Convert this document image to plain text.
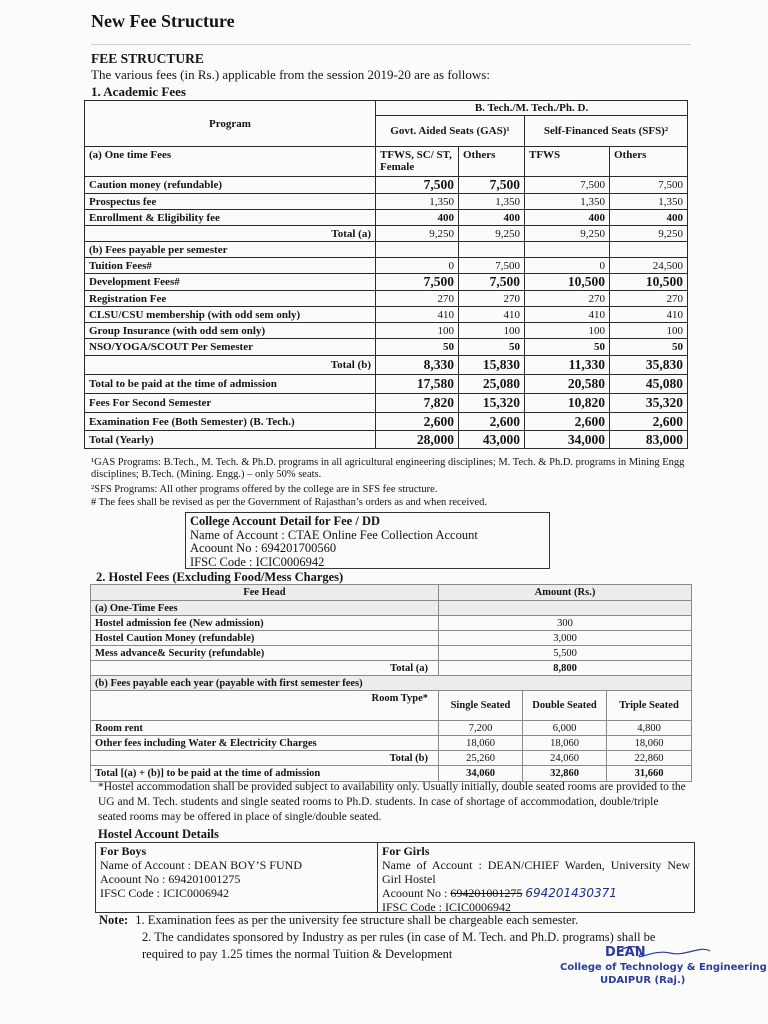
New Fee Structure
FEE STRUCTURE
The various fees (in Rs.) applicable from the session 2019-20 are as follows:
1. Academic Fees
Program	B. Tech./M. Tech./Ph. D.			
	Govt. Aided Seats (GAS)¹		Self-Financed Seats (SFS)²	
(a) One time Fees	TFWS, SC/ ST, Female	Others	TFWS	Others
Caution money (refundable)	7,500	7,500	7,500	7,500
Prospectus fee	1,350	1,350	1,350	1,350
Enrollment & Eligibility fee	400	400	400	400
Total (a)	9,250	9,250	9,250	9,250
(b) Fees payable per semester				
Tuition Fees#	0	7,500	0	24,500
Development Fees#	7,500	7,500	10,500	10,500
Registration Fee	270	270	270	270
CLSU/CSU membership (with odd sem only)	410	410	410	410
Group Insurance (with odd sem only)	100	100	100	100
NSO/YOGA/SCOUT Per Semester	50	50	50	50
Total (b)	8,330	15,830	11,330	35,830
Total to be paid at the time of admission	17,580	25,080	20,580	45,080
Fees For Second Semester	7,820	15,320	10,820	35,320
Examination Fee (Both Semester) (B. Tech.)	2,600	2,600	2,600	2,600
Total (Yearly)	28,000	43,000	34,000	83,000
¹GAS Programs: B.Tech., M. Tech. & Ph.D. programs in all agricultural engineering disciplines; M. Tech. & Ph.D. programs in Mining Engg disciplines; B.Tech. (Mining. Engg.) – only 50% seats.
²SFS Programs: All other programs offered by the college are in SFS fee structure.
# The fees shall be revised as per the Government of Rajasthan’s orders as and when received.
College Account Detail for Fee / DD
Name of Account : CTAE Online Fee Collection Account
Acoount No : 694201700560
IFSC Code : ICIC0006942
2. Hostel Fees (Excluding Food/Mess Charges)
Fee Head	Amount (Rs.)		
(a) One-Time Fees			
Hostel admission fee (New admission)	300		
Hostel Caution Money (refundable)	3,000		
Mess advance& Security (refundable)	5,500		
Total (a)	8,800		
(b) Fees payable each year (payable with first semester fees)			
Room Type*	Single Seated	Double Seated	Triple Seated
Room rent	7,200	6,000	4,800
Other fees including Water & Electricity Charges	18,060	18,060	18,060
Total (b)	25,260	24,060	22,860
Total [(a) + (b)] to be paid at the time of admission	34,060	32,860	31,660
*Hostel accommodation shall be provided subject to availability only. Usually initially, double seated rooms are provided to the UG and M. Tech. students and single seated rooms to Ph.D. students. In case of shortage of accommodation, double/triple seated rooms may be offered in place of single/double seated.
Hostel Account Details
For Boys
Name of Account : DEAN BOY’S FUND
Acoount No : 694201001275
IFSC Code : ICIC0006942
For Girls
Name of Account : DEAN/CHIEF Warden, University New Girl Hostel
Acoount No : 694201001275 694201430371
IFSC Code : ICIC0006942
Note: 1. Examination fees as per the university fee structure shall be chargeable each semester.
2. The candidates sponsored by Industry as per rules (in case of M. Tech. and Ph.D. programs) shall be required to pay 1.25 times the normal Tuition & Development	DEAN
College of Technology & Engineering
UDAIPUR (Raj.)
